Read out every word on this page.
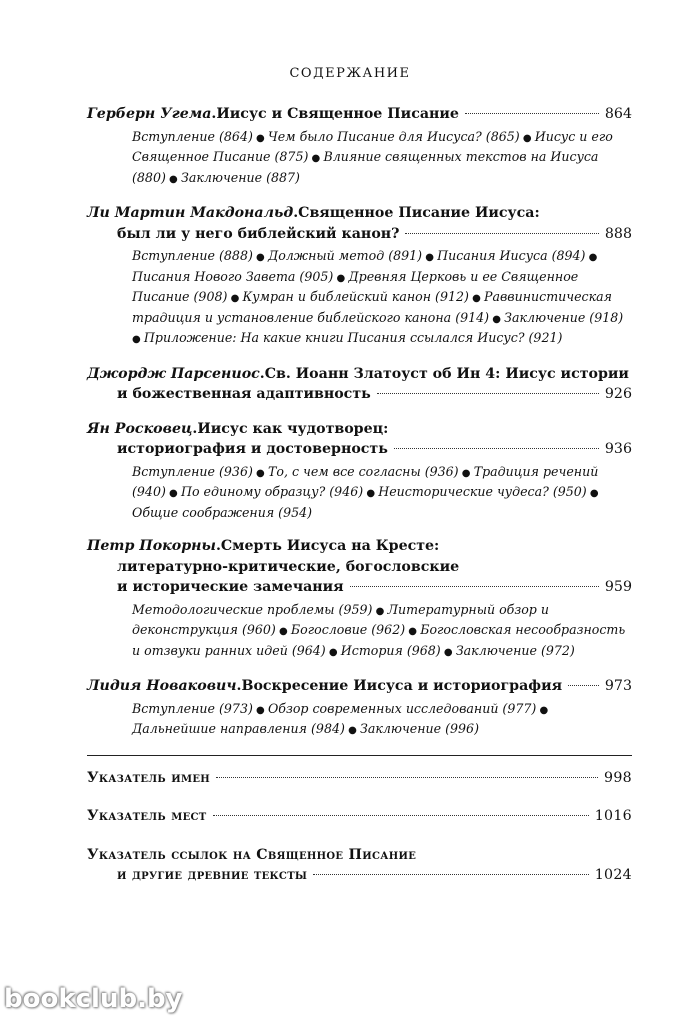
СОДЕРЖАНИЕ
Герберн Угема . Иисус и Священное Писание	864
Вступление (864) ● Чем было Писание для Иисуса? (865) ● Иисус и его Священное Писание (875) ● Влияние священных текстов на Иисуса (880) ● Заключение (887)
Ли Мартин Макдональд . Священное Писание Иисуса:
был ли у него библейский канон?	888
Вступление (888) ● Должный метод (891) ● Писания Иисуса (894) ● Писания Нового Завета (905) ● Древняя Церковь и ее Священное Писание (908) ● Кумран и библейский канон (912) ● Раввинистическая традиция и установление библейского канона (914) ● Заключение (918) ● Приложение: На какие книги Писания ссылался Иисус? (921)
Джордж Парсениос . Св. Иоанн Златоуст об Ин 4: Иисус истории
и божественная адаптивность	926
Ян Росковец . Иисус как чудотворец:
историография и достоверность	936
Вступление (936) ● То, с чем все согласны (936) ● Традиция речений (940) ● По единому образцу? (946) ● Неисторические чудеса? (950) ● Общие соображения (954)
Петр Покорны . Смерть Иисуса на Кресте:
литературно-критические, богословские
и исторические замечания	959
Методологические проблемы (959) ● Литературный обзор и деконструкция (960) ● Богословие (962) ● Богословская несообразность и отзвуки ранних идей (964) ● История (968) ● Заключение (972)
Лидия Новакович . Воскресение Иисуса и историография	973
Вступление (973) ● Обзор современных исследований (977) ● Дальнейшие направления (984) ● Заключение (996)
Указатель имен	998
Указатель мест	1016
Указатель ссылок на Священное Писание
и другие древние тексты	1024
bookclub.by
